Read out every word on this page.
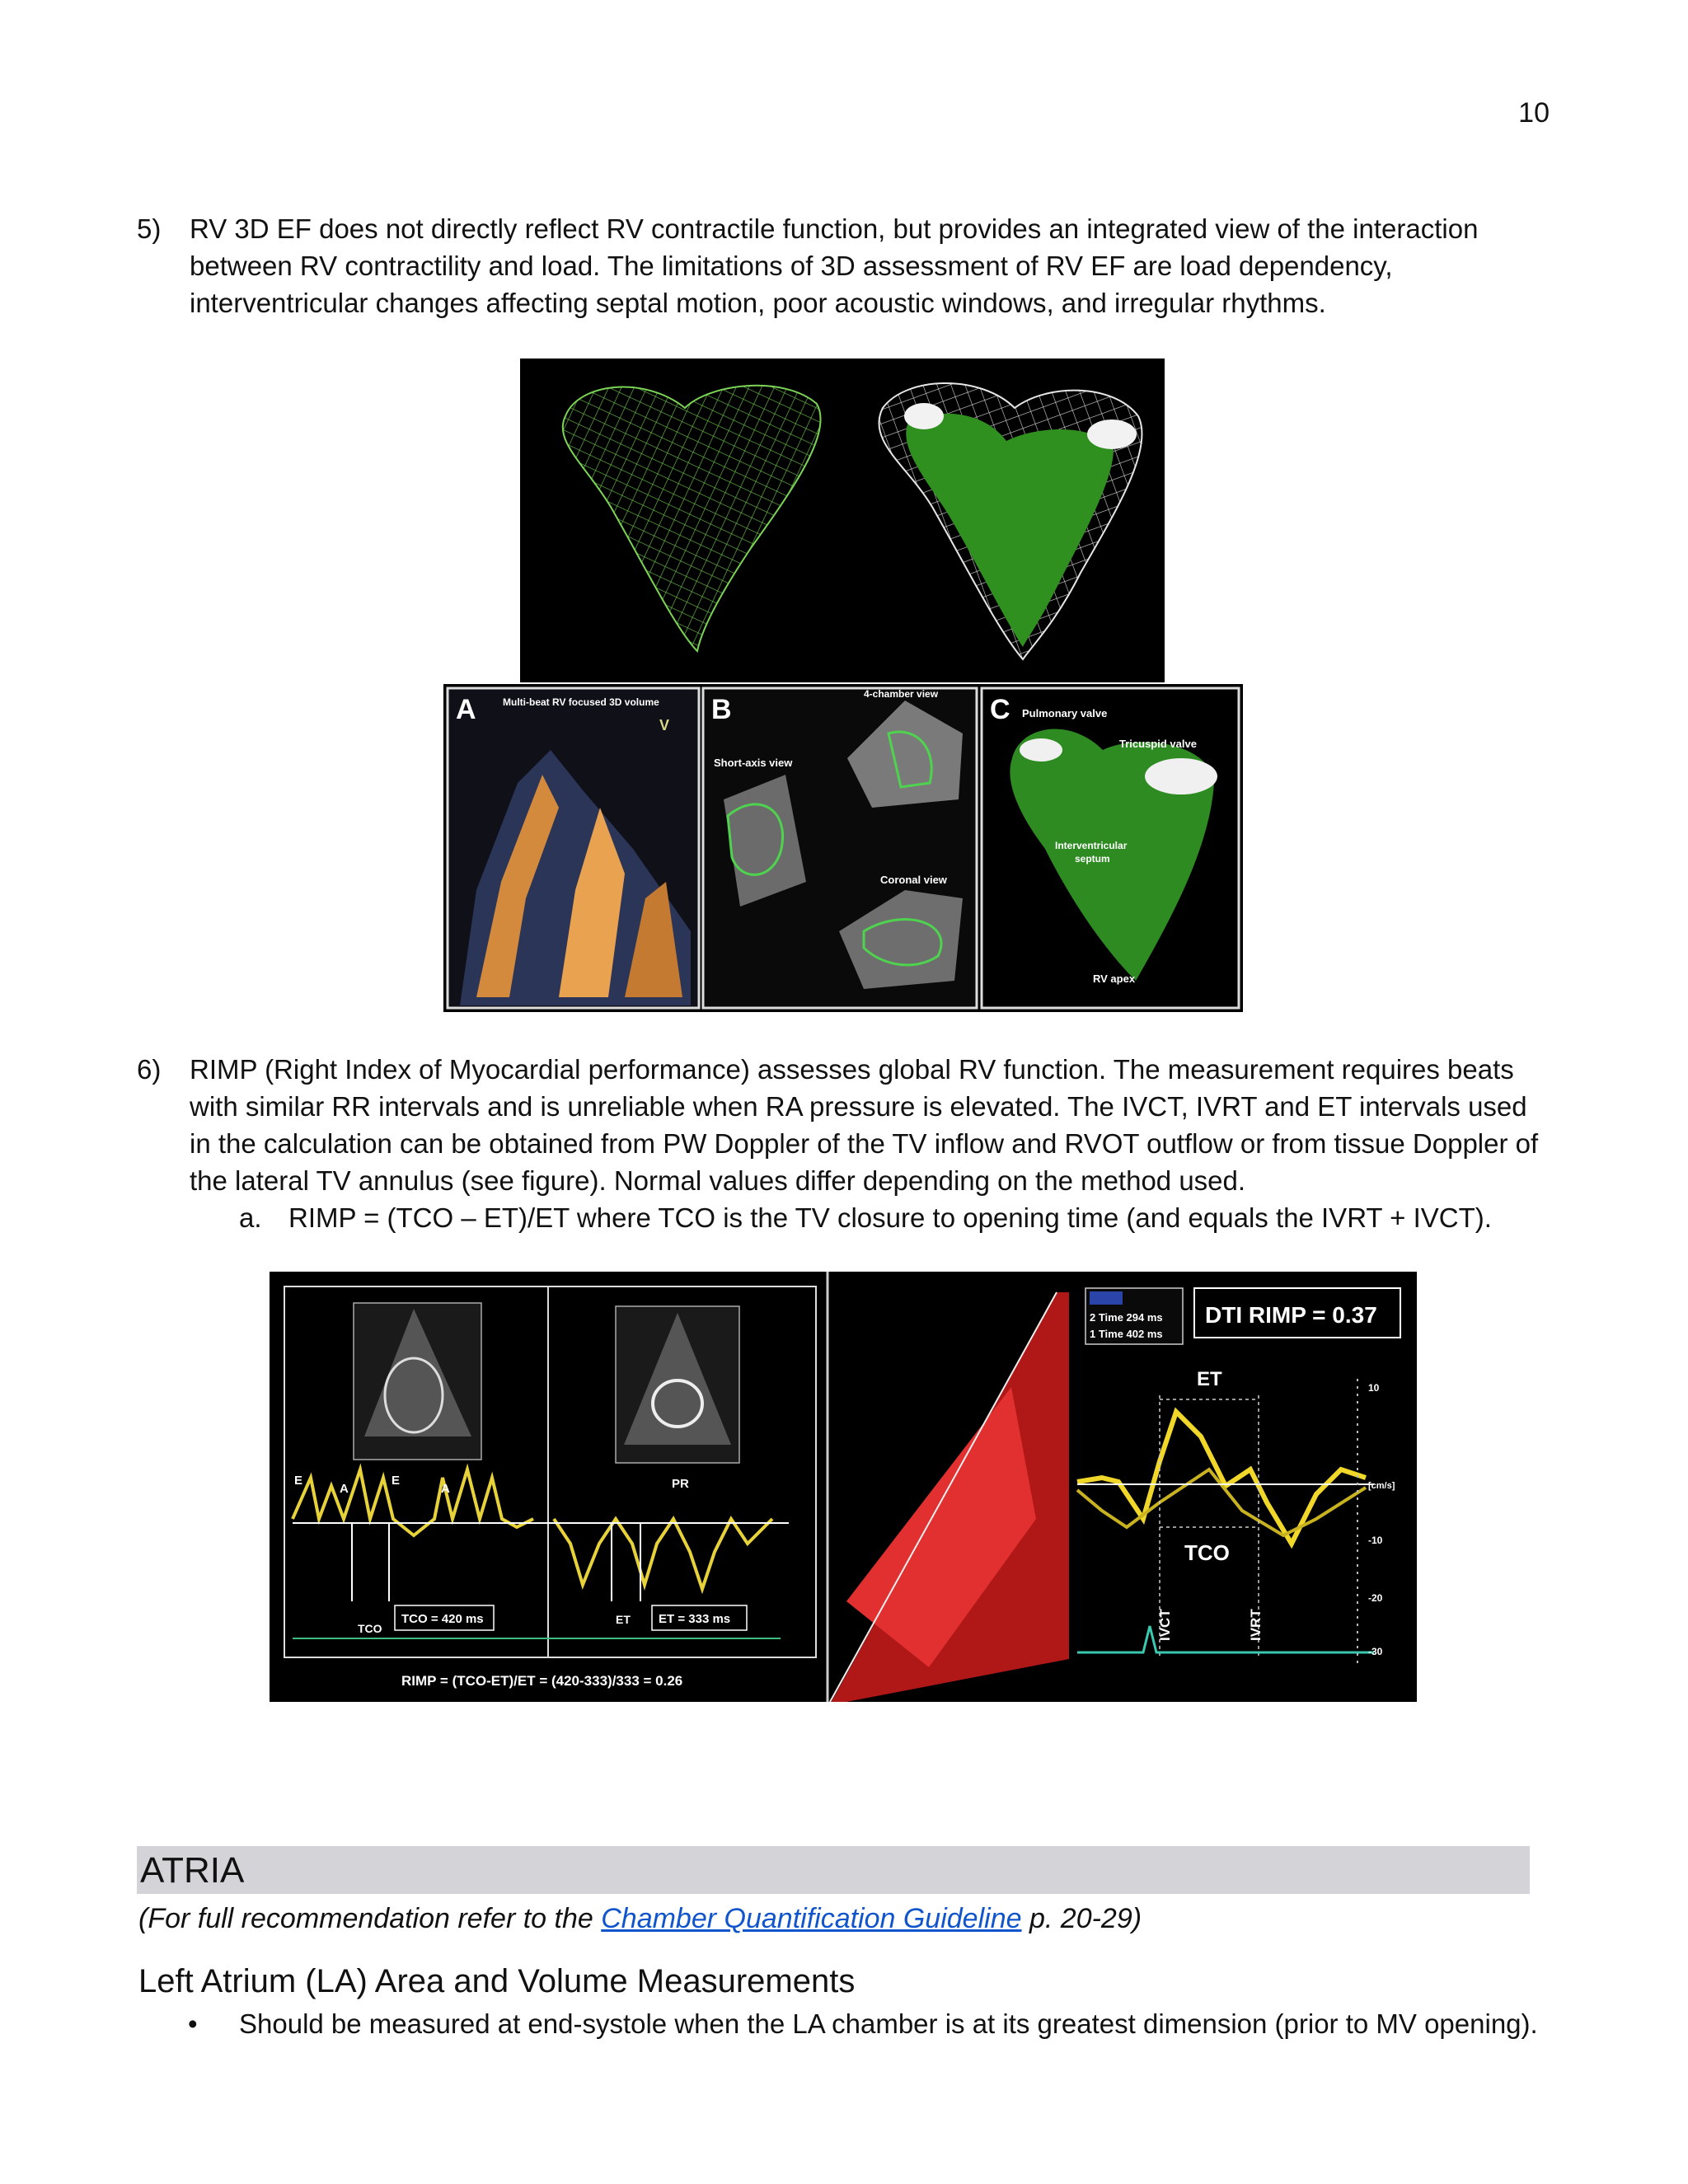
10
5) RV 3D EF does not directly reflect RV contractile function, but provides an integrated view of the interaction between RV contractility and load. The limitations of 3D assessment of RV EF are load dependency, interventricular changes affecting septal motion, poor acoustic windows, and irregular rhythms.
A	Multi-beat RV focused 3D volume
V B	4-chamber view
Short-axis view
Coronal view
C Pulmonary valve
Tricuspid valve
Interventricular
septum
RV apex
6) RIMP (Right Index of Myocardial performance) assesses global RV function. The measurement requires beats with similar RR intervals and is unreliable when RA pressure is elevated. The IVCT, IVRT and ET intervals used in the calculation can be obtained from PW Doppler of the TV inflow and RVOT outflow or from tissue Doppler of the lateral TV annulus (see figure). Normal values differ depending on the method used.
a. RIMP = (TCO – ET)/ET where TCO is the TV closure to opening time (and equals the IVRT + IVCT).
E
A
E
A	PR
TCO = 420 ms
TCO
ET = 333 ms
ET
RIMP = (TCO-ET)/ET = (420-333)/333 = 0.26
2 Time 294 ms
1 Time 402 ms
DTI RIMP = 0.37
ET
TCO
IVCT	IVRT
10
[cm/s]
-10
-20
-30
ATRIA
(For full recommendation refer to the Chamber Quantification Guideline p. 20-29)
Left Atrium (LA) Area and Volume Measurements
• Should be measured at end-systole when the LA chamber is at its greatest dimension (prior to MV opening).
